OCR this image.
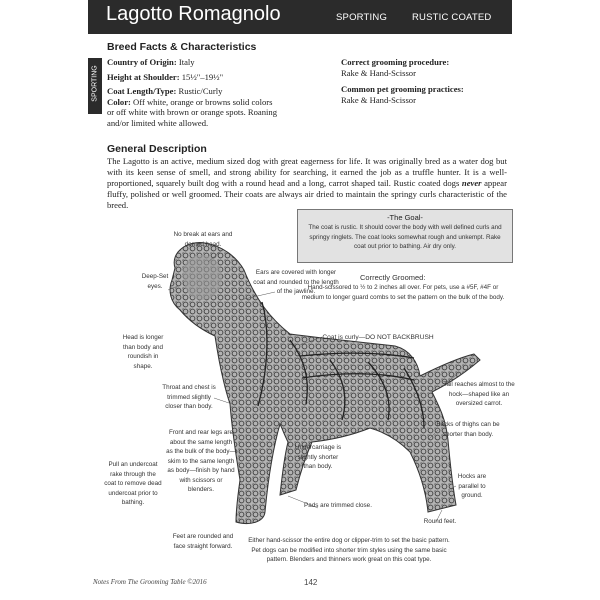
Lagotto Romagnolo	SPORTING	RUSTIC COATED
SPORTING
Breed Facts & Characteristics
Country of Origin: Italy
Height at Shoulder: 15½"–19½"
Coat Length/Type: Rustic/Curly
Color: Off white, orange or browns solid colors
or off white with brown or orange spots. Roaning
and/or limited white allowed.
Correct grooming procedure:
Rake & Hand-Scissor
Common pet grooming practices:
Rake & Hand-Scissor
General Description
The Lagotto is an active, medium sized dog with great eagerness for life. It was originally bred as a water dog but with its keen sense of smell, and strong ability for searching, it earned the job as a truffle hunter. It is a well-proportioned, squarely built dog with a round head and a long, carrot shaped tail. Rustic coated dogs never appear fluffy, polished or well groomed. Their coats are always air dried to maintain the springy curls characteristic of the breed.
-The Goal-
The coat is rustic. It should cover the body with well defined curls and springy ringlets. The coat looks somewhat rough and unkempt. Rake coat out prior to bathing. Air dry only.
No break at ears and domed head.
Deep-Set eyes.
Ears are covered with longer coat and rounded to the length of the jawline.
Correctly Groomed:
Hand-scissored to ½ to 2 inches all over. For pets, use a #5F, #4F or medium to longer guard combs to set the pattern on the bulk of the body.
Coat is curly—DO NOT BACKBRUSH
Head is longer than body and roundish in shape.
Throat and chest is trimmed slightly closer than body.
Tail reaches almost to the hock—shaped like an oversized carrot.
Backs of thighs can be shorter than body.
Front and rear legs are about the same length as the bulk of the body—skim to the same length as body—finish by hand with scissors or blenders.
Undercarriage is slightly shorter than body.
Pull an undercoat rake through the coat to remove dead undercoat prior to bathing.
Hocks are parallel to ground.
Pads are trimmed close.
Round feet.
Feet are rounded and face straight forward.
Either hand-scissor the entire dog or clipper-trim to set the basic pattern. Pet dogs can be modified into shorter trim styles using the same basic pattern. Blenders and thinners work great on this coat type.
Notes From The Grooming Table ©2016	142
